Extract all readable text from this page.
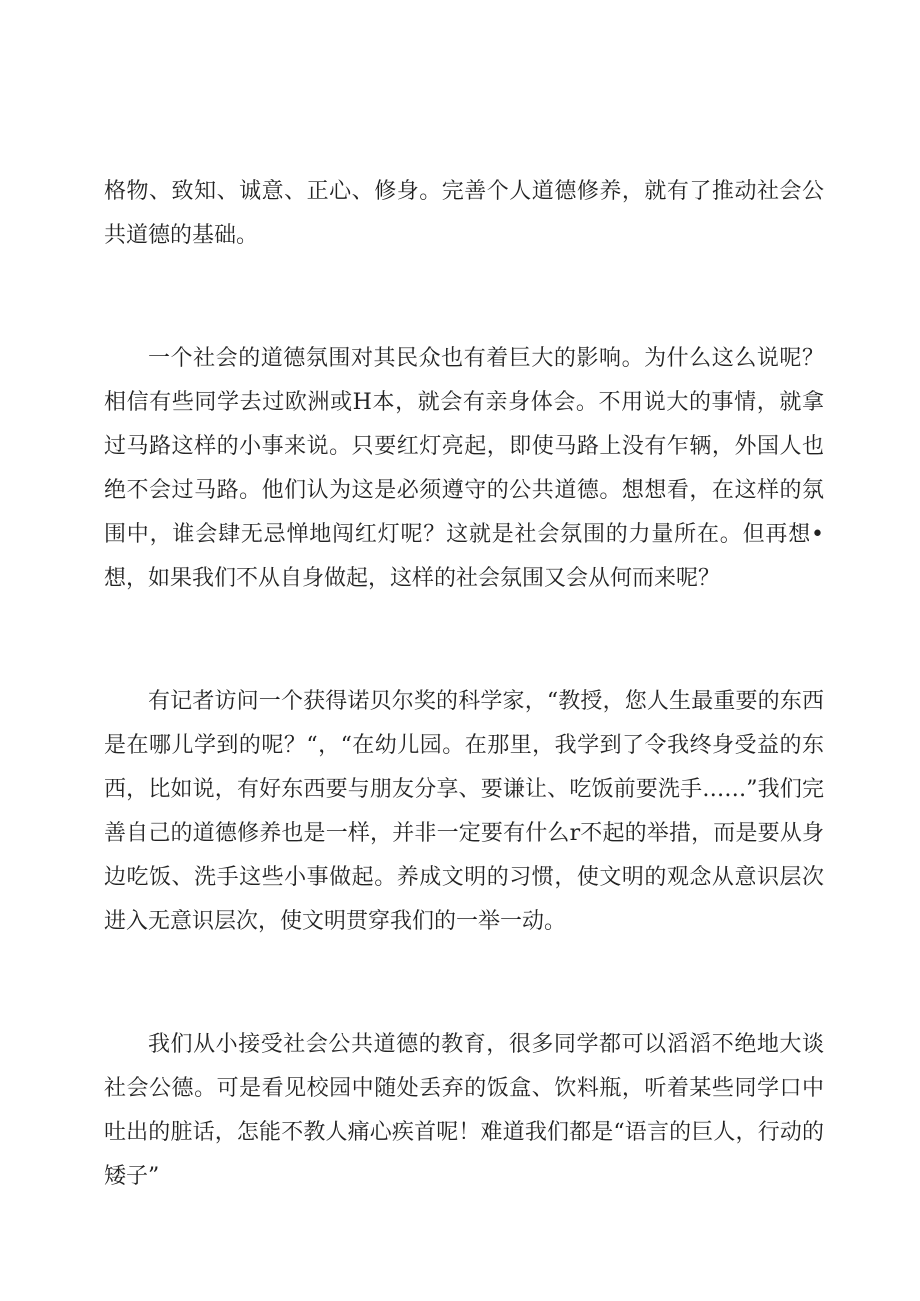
格物、致知、诚意、正心、修身。完善个人道德修养，就有了推动社会公共道德的基础。

一个社会的道德氛围对其民众也有着巨大的影响。为什么这么说呢？相信有些同学去过欧洲或H本，就会有亲身体会。不用说大的事情，就拿过马路这样的小事来说。只要红灯亮起，即使马路上没有乍辆，外国人也绝不会过马路。他们认为这是必须遵守的公共道德。想想看，在这样的氛围中，谁会肆无忌惮地闯红灯呢？这就是社会氛围的力量所在。但再想•想，如果我们不从自身做起，这样的社会氛围又会从何而来呢？

有记者访问一个获得诺贝尔奖的科学家，“教授，您人生最重要的东西是在哪儿学到的呢？“，“在幼儿园。在那里，我学到了令我终身受益的东西，比如说，有好东西要与朋友分享、要谦让、吃饭前要洗手……”我们完善自己的道德修养也是一样，并非一定要有什么r不起的举措，而是要从身边吃饭、洗手这些小事做起。养成文明的习惯，使文明的观念从意识层次进入无意识层次，使文明贯穿我们的一举一动。

我们从小接受社会公共道德的教育，很多同学都可以滔滔不绝地大谈社会公德。可是看见校园中随处丢弃的饭盒、饮料瓶，听着某些同学口中吐出的脏话，怎能不教人痛心疾首呢！难道我们都是“语言的巨人，行动的矮子”
